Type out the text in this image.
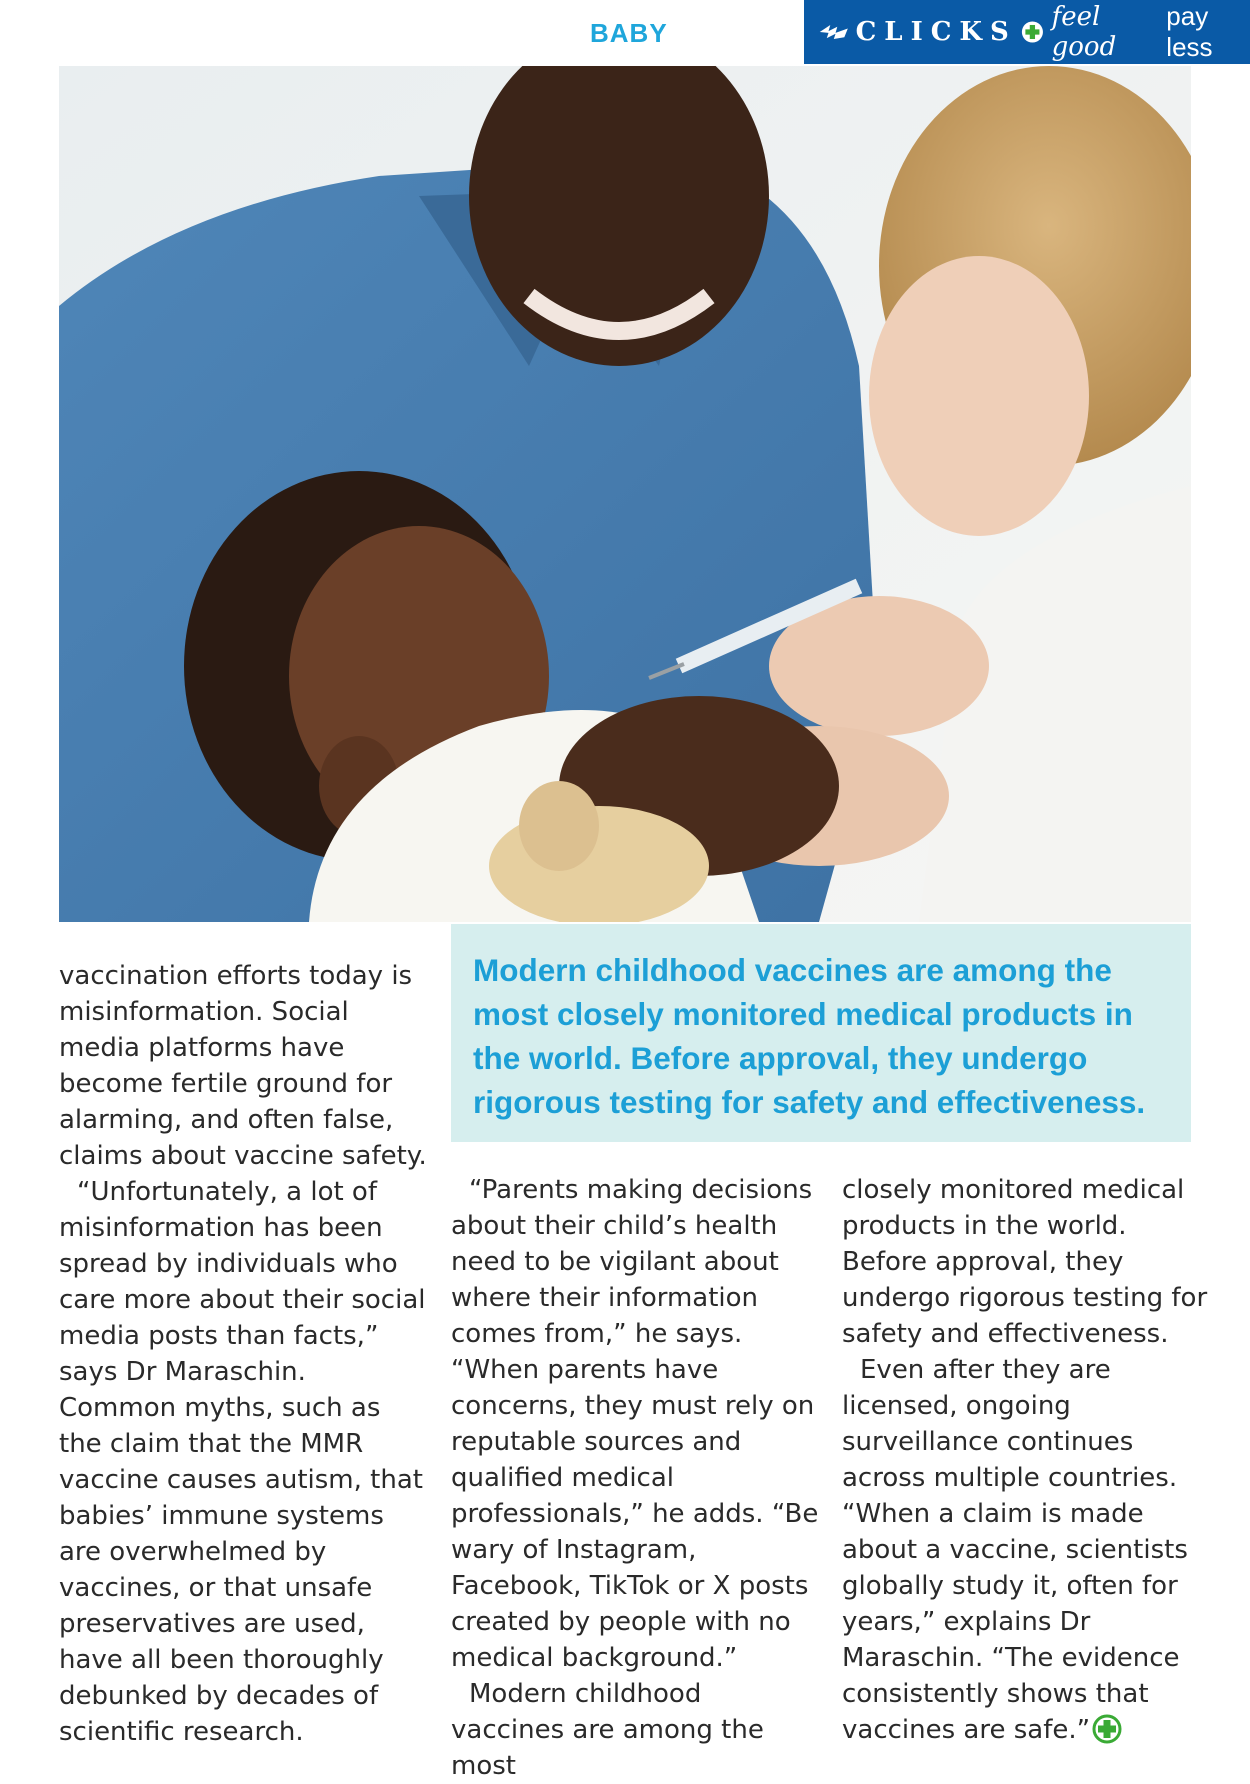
BABY	CLICKS feel good
pay less

Modern childhood vaccines are among the most closely monitored medical products in the world. Before approval, they undergo rigorous testing for safety and effectiveness.

vaccination efforts today is misinformation. Social media platforms have become fertile ground for alarming, and often false, claims about vaccine safety.

“Unfortunately, a lot of misinformation has been spread by individuals who care more about their social media posts than facts,” says Dr Maraschin. Common myths, such as the claim that the MMR vaccine causes autism, that babies’ immune systems are overwhelmed by vaccines, or that unsafe preservatives are used, have all been thoroughly debunked by decades of scientific research.

“Parents making decisions about their child’s health need to be vigilant about where their information comes from,” he says. “When parents have concerns, they must rely on reputable sources and qualified medical professionals,” he adds. “Be wary of Instagram, Facebook, TikTok or X posts created by people with no medical background.”

Modern childhood vaccines are among the most

closely monitored medical products in the world. Before approval, they undergo rigorous testing for safety and effectiveness.

Even after they are licensed, ongoing surveillance continues across multiple countries. “When a claim is made about a vaccine, scientists globally study it, often for years,” explains Dr Maraschin. “The evidence consistently shows that vaccines are safe.”
